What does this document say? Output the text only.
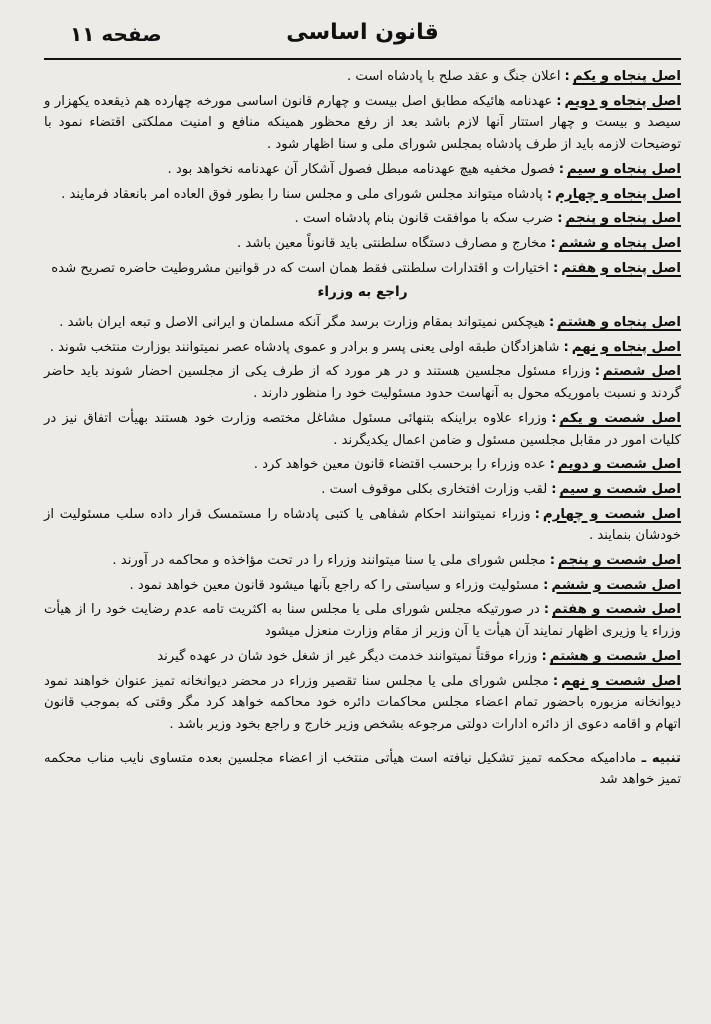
قانون اساسی
صفحه ۱۱

اصل پنجاه و یکم:اعلان جنگ و عقد صلح با پادشاه است .

اصل پنجاه و دویم:عهدنامه هائیکه مطابق اصل بیست و چهارم قانون اساسی مورخه چهارده هم ذیقعده یکهزار و سیصد و بیست و چهار استتار آنها لازم باشد بعد از رفع محظور همینکه منافع و امنیت مملکتی اقتضاء نمود با توضیحات لازمه باید از طرف پادشاه بمجلس شورای ملی و سنا اظهار شود .

اصل پنجاه و سیم:فصول مخفیه هیچ عهدنامه مبطل فصول آشکار آن عهدنامه نخواهد بود .

اصل پنجاه و چهارم:پادشاه میتواند مجلس شورای ملی و مجلس سنا را بطور فوق العاده امر بانعقاد فرمایند .

اصل پنجاه و پنجم:ضرب سکه با موافقت قانون بنام پادشاه است .

اصل پنجاه و ششم:مخارج و مصارف دستگاه سلطنتی باید قانوناً معین باشد .

اصل پنجاه و هفتم:اختیارات و اقتدارات سلطنتی فقط همان است که در قوانین مشروطیت حاضره تصریح شده

راجع به وزراء

اصل پنجاه و هشتم:هیچکس نمیتواند بمقام وزارت برسد مگر آنکه مسلمان و ایرانی الاصل و تبعه ایران باشد .

اصل پنجاه و نهم:شاهزادگان طبقه اولی یعنی پسر و برادر و عموی پادشاه عصر نمیتوانند بوزارت منتخب شوند .

اصل شصتم:وزراء مسئول مجلسین هستند و در هر مورد که از طرف یکی از مجلسین احضار شوند باید حاضر گردند و نسبت باموریکه محول به آنهاست حدود مسئولیت خود را منظور دارند .

اصل شصت و یکم:وزراء علاوه براینکه بتنهائی مسئول مشاغل مختصه وزارت خود هستند بهیأت اتفاق نیز در کلیات امور در مقابل مجلسین مسئول و ضامن اعمال یکدیگرند .

اصل شصت و دویم:عده وزراء را برحسب اقتضاء قانون معین خواهد کرد .

اصل شصت و سیم:لقب وزارت افتخاری بکلی موقوف است .

اصل شصت و چهارم:وزراء نمیتوانند احکام شفاهی یا کتبی پادشاه را مستمسک قرار داده سلب مسئولیت از خودشان بنمایند .

اصل شصت و پنجم:مجلس شورای ملی یا سنا میتوانند وزراء را در تحت مؤاخذه و محاکمه در آورند .

اصل شصت و ششم:مسئولیت وزراء و سیاستی را که راجع بآنها میشود قانون معین خواهد نمود .

اصل شصت و هفتم:در صورتیکه مجلس شورای ملی یا مجلس سنا به اکثریت تامه عدم رضایت خود را از هیأت وزراء یا وزیری اظهار نمایند آن هیأت یا آن وزیر از مقام وزارت منعزل میشود

اصل شصت و هشتم:وزراء موقتاً نمیتوانند خدمت دیگر غیر از شغل خود شان در عهده گیرند

اصل شصت و نهم:مجلس شورای ملی یا مجلس سنا تقصیر وزراء در محضر دیوانخانه تمیز عنوان خواهند نمود دیوانخانه مزبوره باحضور تمام اعضاء مجلس محاکمات دائره خود محاکمه خواهد کرد مگر وقتی که بموجب قانون اتهام و اقامه دعوی از دائره ادارات دولتی مرجوعه بشخص وزیر خارج و راجع بخود وزیر باشد .

تنبیه ـ مادامیکه محکمه تمیز تشکیل نیافته است هیأتی منتخب از اعضاء مجلسین بعده متساوی نایب مناب محکمه تمیز خواهد شد
